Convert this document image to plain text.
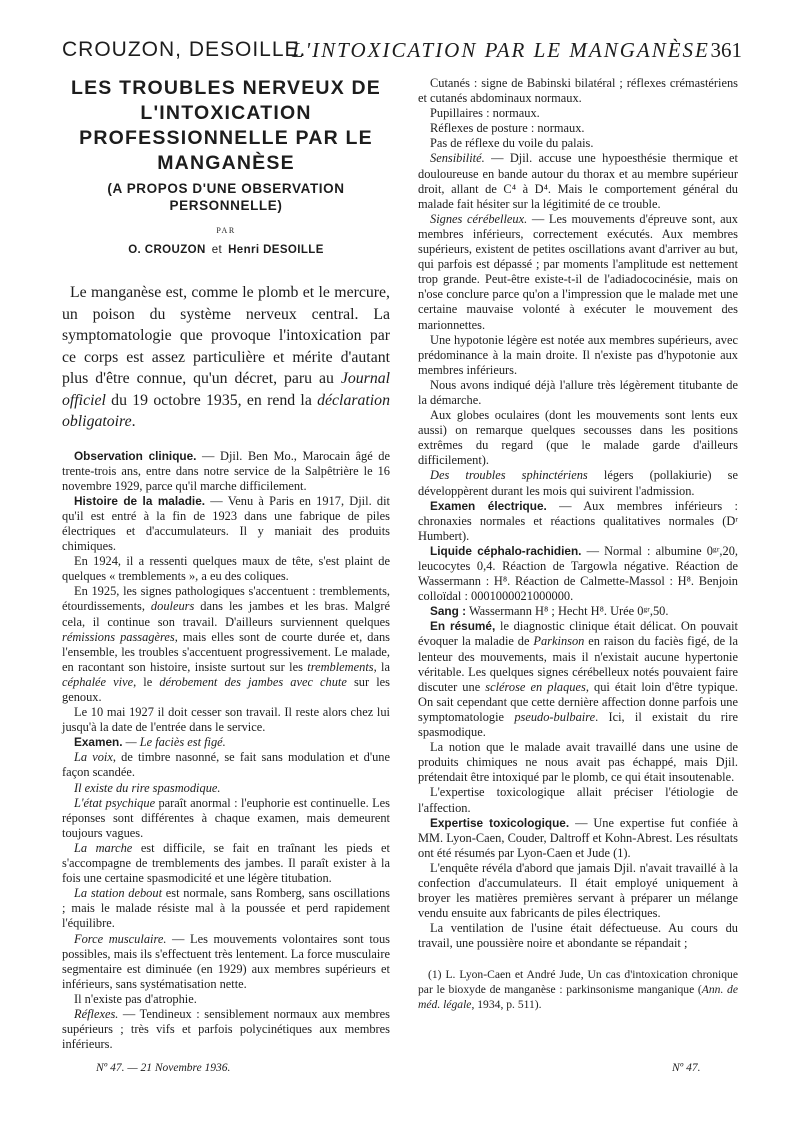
CROUZON, DESOILLE.
L'INTOXICATION PAR LE MANGANÈSE 361
LES TROUBLES NERVEUX DE L'INTOXICATION PROFESSIONNELLE PAR LE MANGANÈSE
(A PROPOS D'UNE OBSERVATION PERSONNELLE)
PAR
O. CROUZON et Henri DESOILLE

Le manganèse est, comme le plomb et le mercure, un poison du système nerveux central. La symptomatologie que provoque l'intoxication par ce corps est assez particulière et mérite d'autant plus d'être connue, qu'un décret, paru au Journal officiel du 19 octobre 1935, en rend la déclaration obligatoire.

Observation clinique. — Djil. Ben Mo., Marocain âgé de trente-trois ans, entre dans notre service de la Salpêtrière le 16 novembre 1929, parce qu'il marche difficilement.

Histoire de la maladie. — Venu à Paris en 1917, Djil. dit qu'il est entré à la fin de 1923 dans une fabrique de piles électriques et d'accumulateurs. Il y maniait des produits chimiques.

En 1924, il a ressenti quelques maux de tête, s'est plaint de quelques « tremblements », a eu des coliques.

En 1925, les signes pathologiques s'accentuent : tremblements, étourdissements, douleurs dans les jambes et les bras. Malgré cela, il continue son travail. D'ailleurs surviennent quelques rémissions passagères, mais elles sont de courte durée et, dans l'ensemble, les troubles s'accentuent progressivement. Le malade, en racontant son histoire, insiste surtout sur les tremblements, la céphalée vive, le dérobement des jambes avec chute sur les genoux.

Le 10 mai 1927 il doit cesser son travail. Il reste alors chez lui jusqu'à la date de l'entrée dans le service.

Examen. — Le faciès est figé.

La voix, de timbre nasonné, se fait sans modulation et d'une façon scandée.

Il existe du rire spasmodique.

L'état psychique paraît anormal : l'euphorie est continuelle. Les réponses sont différentes à chaque examen, mais demeurent toujours vagues.

La marche est difficile, se fait en traînant les pieds et s'accompagne de tremblements des jambes. Il paraît exister à la fois une certaine spasmodicité et une légère titubation.

La station debout est normale, sans Romberg, sans oscillations ; mais le malade résiste mal à la poussée et perd rapidement l'équilibre.

Force musculaire. — Les mouvements volontaires sont tous possibles, mais ils s'effectuent très lentement. La force musculaire segmentaire est diminuée (en 1929) aux membres supérieurs et inférieurs, sans systématisation nette.

Il n'existe pas d'atrophie.

Réflexes. — Tendineux : sensiblement normaux aux membres supérieurs ; très vifs et parfois polycinétiques aux membres inférieurs.

Cutanés : signe de Babinski bilatéral ; réflexes crémastériens et cutanés abdominaux normaux.

Pupillaires : normaux.

Réflexes de posture : normaux.

Pas de réflexe du voile du palais.

Sensibilité. — Djil. accuse une hypoesthésie thermique et douloureuse en bande autour du thorax et au membre supérieur droit, allant de C⁴ à D⁴. Mais le comportement général du malade fait hésiter sur la légitimité de ce trouble.

Signes cérébelleux. — Les mouvements d'épreuve sont, aux membres inférieurs, correctement exécutés. Aux membres supérieurs, existent de petites oscillations avant d'arriver au but, qui parfois est dépassé ; par moments l'amplitude est nettement trop grande. Peut-être existe-t-il de l'adiadococinésie, mais on n'ose conclure parce qu'on a l'impression que le malade met une certaine mauvaise volonté à exécuter le mouvement des marionnettes.

Une hypotonie légère est notée aux membres supérieurs, avec prédominance à la main droite. Il n'existe pas d'hypotonie aux membres inférieurs.

Nous avons indiqué déjà l'allure très légèrement titubante de la démarche.

Aux globes oculaires (dont les mouvements sont lents eux aussi) on remarque quelques secousses dans les positions extrêmes du regard (que le malade garde d'ailleurs difficilement).

Des troubles sphinctériens légers (pollakiurie) se développèrent durant les mois qui suivirent l'admission.

Examen électrique. — Aux membres inférieurs : chronaxies normales et réactions qualitatives normales (Dʳ Humbert).

Liquide céphalo-rachidien. — Normal : albumine 0ᵍʳ,20, leucocytes 0,4. Réaction de Targowla négative. Réaction de Wassermann : H⁸. Réaction de Calmette-Massol : H⁸. Benjoin colloïdal : 0001000021000000.

Sang : Wassermann H⁸ ; Hecht H⁸. Urée 0ᵍʳ,50.

En résumé, le diagnostic clinique était délicat. On pouvait évoquer la maladie de Parkinson en raison du faciès figé, de la lenteur des mouvements, mais il n'existait aucune hypertonie véritable. Les quelques signes cérébelleux notés pouvaient faire discuter une sclérose en plaques, qui était loin d'être typique. On sait cependant que cette dernière affection donne parfois une symptomatologie pseudo-bulbaire. Ici, il existait du rire spasmodique.

La notion que le malade avait travaillé dans une usine de produits chimiques ne nous avait pas échappé, mais Djil. prétendait être intoxiqué par le plomb, ce qui était insoutenable.

L'expertise toxicologique allait préciser l'étiologie de l'affection.

Expertise toxicologique. — Une expertise fut confiée à MM. Lyon-Caen, Couder, Daltroff et Kohn-Abrest. Les résultats ont été résumés par Lyon-Caen et Jude (1).

L'enquête révéla d'abord que jamais Djil. n'avait travaillé à la confection d'accumulateurs. Il était employé uniquement à broyer les matières premières servant à préparer un mélange vendu ensuite aux fabricants de piles électriques.

La ventilation de l'usine était défectueuse. Au cours du travail, une poussière noire et abondante se répandait ;

(1) L. Lyon-Caen et André Jude, Un cas d'intoxication chronique par le bioxyde de manganèse : parkinsonisme manganique (Ann. de méd. légale, 1934, p. 511).

Nº 47. — 21 Novembre 1936.	Nº 47.
